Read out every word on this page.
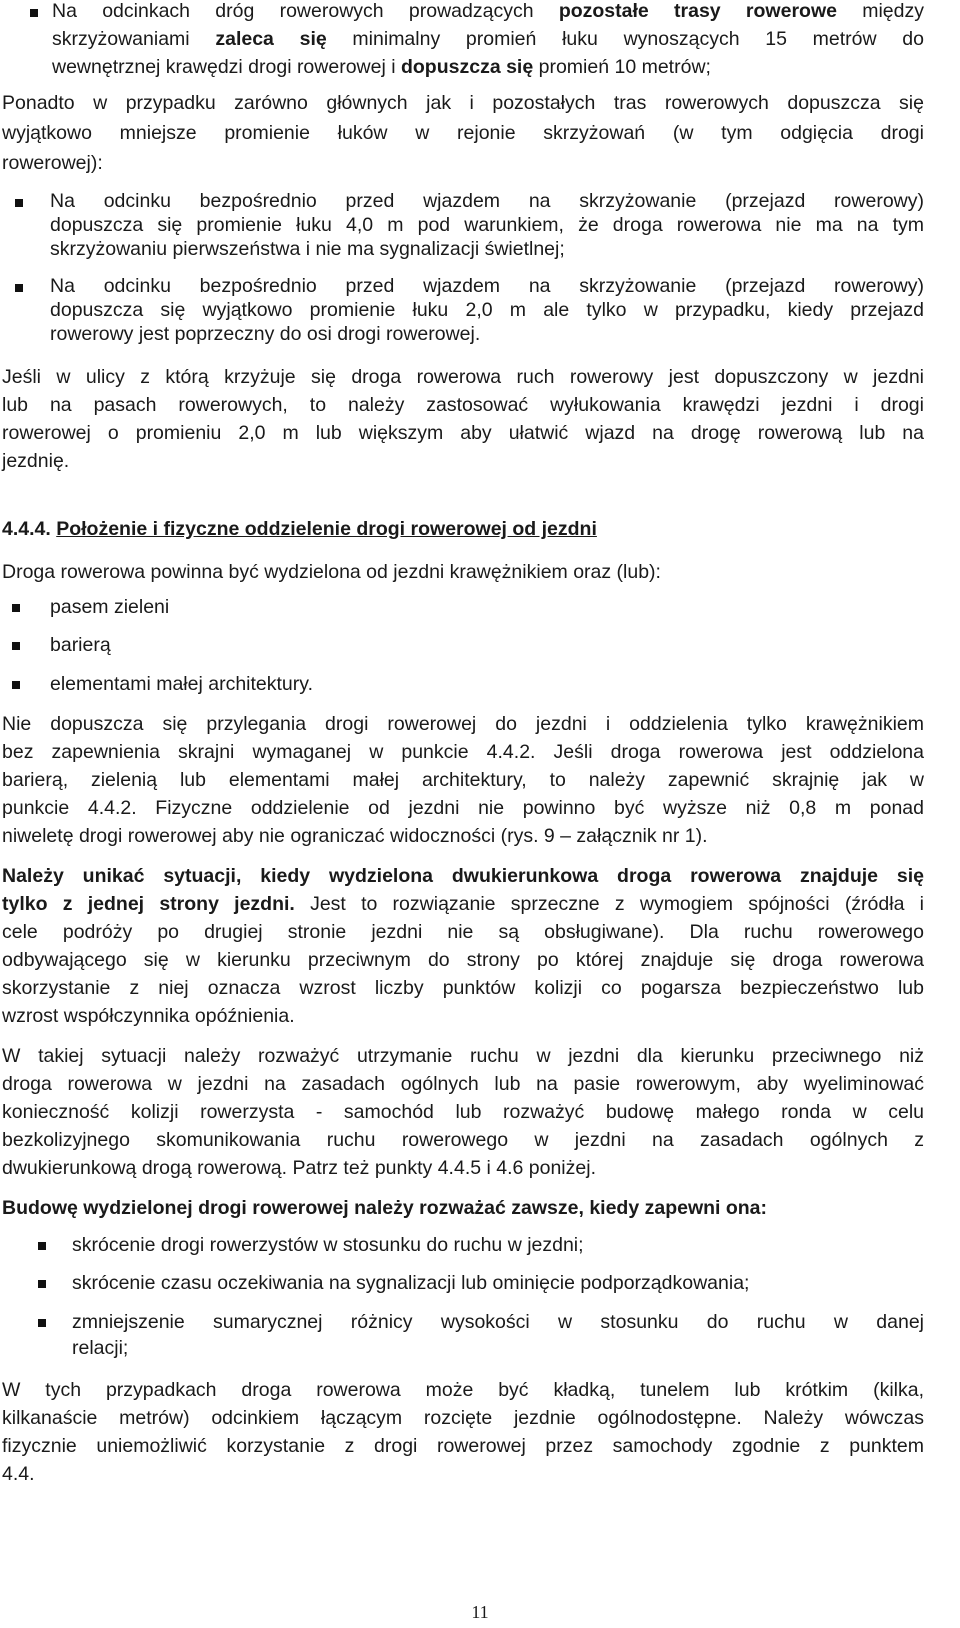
Na odcinkach dróg rowerowych prowadzących pozostałe trasy rowerowe między
skrzyżowaniami zaleca się minimalny promień łuku wynoszących 15 metrów do
wewnętrznej krawędzi drogi rowerowej i dopuszcza się promień 10 metrów;
Ponadto w przypadku zarówno głównych jak i pozostałych tras rowerowych dopuszcza się
wyjątkowo mniejsze promienie łuków w rejonie skrzyżowań (w tym odgięcia drogi
rowerowej):
Na odcinku bezpośrednio przed wjazdem na skrzyżowanie (przejazd rowerowy)
dopuszcza się promienie łuku 4,0 m pod warunkiem, że droga rowerowa nie ma na tym
skrzyżowaniu pierwszeństwa i nie ma sygnalizacji świetlnej;
Na odcinku bezpośrednio przed wjazdem na skrzyżowanie (przejazd rowerowy)
dopuszcza się wyjątkowo promienie łuku 2,0 m ale tylko w przypadku, kiedy przejazd
rowerowy jest poprzeczny do osi drogi rowerowej.
Jeśli w ulicy z którą krzyżuje się droga rowerowa ruch rowerowy jest dopuszczony w jezdni
lub na pasach rowerowych, to należy zastosować wyłukowania krawędzi jezdni i drogi
rowerowej o promieniu 2,0 m lub większym aby ułatwić wjazd na drogę rowerową lub na
jezdnię.
4.4.4. Położenie i fizyczne oddzielenie drogi rowerowej od jezdni
Droga rowerowa powinna być wydzielona od jezdni krawężnikiem oraz (lub):
pasem zieleni
barierą
elementami małej architektury.
Nie dopuszcza się przylegania drogi rowerowej do jezdni i oddzielenia tylko krawężnikiem
bez zapewnienia skrajni wymaganej w punkcie 4.4.2. Jeśli droga rowerowa jest oddzielona
barierą, zielenią lub elementami małej architektury, to należy zapewnić skrajnię jak w
punkcie 4.4.2. Fizyczne oddzielenie od jezdni nie powinno być wyższe niż 0,8 m ponad
niweletę drogi rowerowej aby nie ograniczać widoczności (rys. 9 – załącznik nr 1).
Należy unikać sytuacji, kiedy wydzielona dwukierunkowa droga rowerowa znajduje się
tylko z jednej strony jezdni. Jest to rozwiązanie sprzeczne z wymogiem spójności (źródła i
cele podróży po drugiej stronie jezdni nie są obsługiwane). Dla ruchu rowerowego
odbywającego się w kierunku przeciwnym do strony po której znajduje się droga rowerowa
skorzystanie z niej oznacza wzrost liczby punktów kolizji co pogarsza bezpieczeństwo lub
wzrost współczynnika opóźnienia.
W takiej sytuacji należy rozważyć utrzymanie ruchu w jezdni dla kierunku przeciwnego niż
droga rowerowa w jezdni na zasadach ogólnych lub na pasie rowerowym, aby wyeliminować
konieczność kolizji rowerzysta - samochód lub rozważyć budowę małego ronda w celu
bezkolizyjnego skomunikowania ruchu rowerowego w jezdni na zasadach ogólnych z
dwukierunkową drogą rowerową. Patrz też punkty 4.4.5 i 4.6 poniżej.
Budowę wydzielonej drogi rowerowej należy rozważać zawsze, kiedy zapewni ona:
skrócenie drogi rowerzystów w stosunku do ruchu w jezdni;
skrócenie czasu oczekiwania na sygnalizacji lub ominięcie podporządkowania;
zmniejszenie sumarycznej różnicy wysokości w stosunku do ruchu w danej
relacji;
W tych przypadkach droga rowerowa może być kładką, tunelem lub krótkim (kilka,
kilkanaście metrów) odcinkiem łączącym rozcięte jezdnie ogólnodostępne. Należy wówczas
fizycznie uniemożliwić korzystanie z drogi rowerowej przez samochody zgodnie z punktem
4.4.
11
